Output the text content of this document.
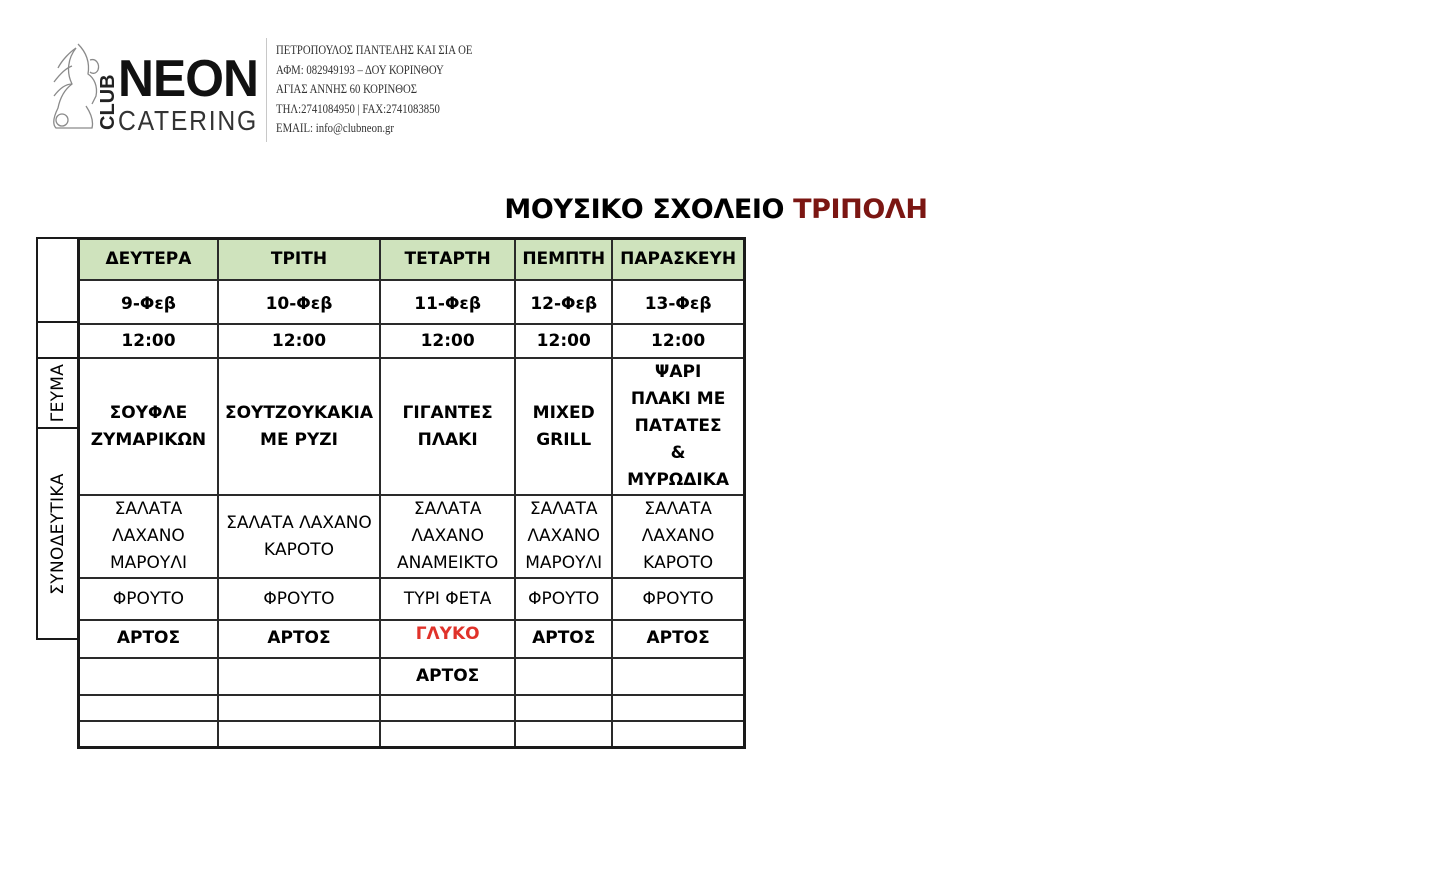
CLUB NEON
CATERING
ΠΕΤΡΟΠΟΥΛΟΣ ΠΑΝΤΕΛΗΣ ΚΑΙ ΣΙΑ ΟΕ
ΑΦΜ: 082949193 – ΔΟΥ ΚΟΡΙΝΘΟΥ
ΑΓΙΑΣ ΑΝΝΗΣ 60 ΚΟΡΙΝΘΟΣ
ΤΗΛ:2741084950 | FAX:2741083850
EMAIL: info@clubneon.gr
ΜΟΥΣΙΚΟ ΣΧΟΛΕΙΟ ΤΡΙΠΟΛΗ
ΓΕΥΜΑ
ΣΥΝΟΔΕΥΤΙΚΑ
ΔΕΥΤΕΡΑ	ΤΡΙΤΗ	ΤΕΤΑΡΤΗ	ΠΕΜΠΤΗ	ΠΑΡΑΣΚΕΥΗ
9-Φεβ	10-Φεβ	11-Φεβ	12-Φεβ	13-Φεβ
12:00	12:00	12:00	12:00	12:00
ΣΟΥΦΛΕ ΖΥΜΑΡΙΚΩΝ	ΣΟΥΤΖΟΥΚΑΚΙΑ ΜΕ ΡΥΖΙ	ΓΙΓΑΝΤΕΣ ΠΛΑΚΙ	MIXED GRILL	ΨΑΡΙ ΠΛΑΚΙ ΜΕ ΠΑΤΑΤΕΣ & ΜΥΡΩΔΙΚΑ
ΣΑΛΑΤΑ ΛΑΧΑΝΟ ΜΑΡΟΥΛΙ	ΣΑΛΑΤΑ ΛΑΧΑΝΟ ΚΑΡΟΤΟ	ΣΑΛΑΤΑ ΛΑΧΑΝΟ ΑΝΑΜΕΙΚΤΟ	ΣΑΛΑΤΑ ΛΑΧΑΝΟ ΜΑΡΟΥΛΙ	ΣΑΛΑΤΑ ΛΑΧΑΝΟ ΚΑΡΟΤΟ
ΦΡΟΥΤΟ	ΦΡΟΥΤΟ	ΤΥΡΙ ΦΕΤΑ	ΦΡΟΥΤΟ	ΦΡΟΥΤΟ
ΑΡΤΟΣ	ΑΡΤΟΣ	ΓΛΥΚΟ	ΑΡΤΟΣ	ΑΡΤΟΣ
		ΑΡΤΟΣ		
